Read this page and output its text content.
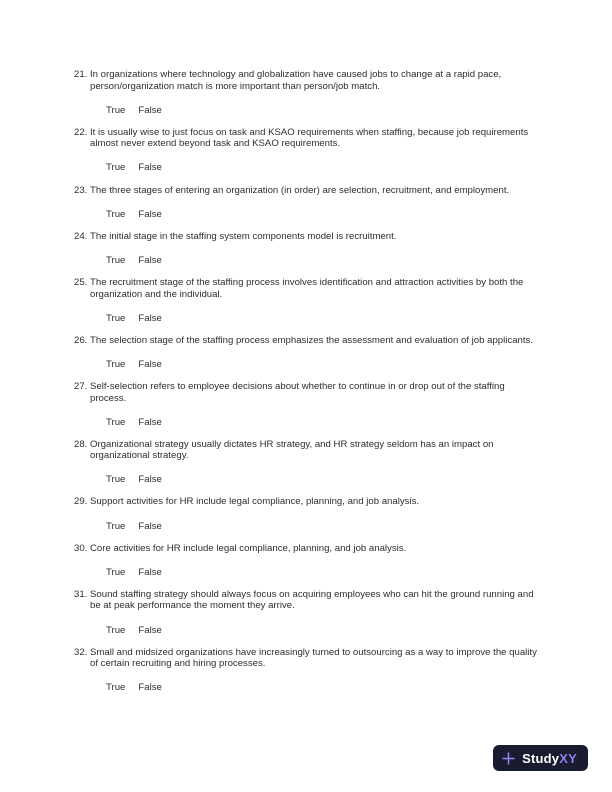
21. In organizations where technology and globalization have caused jobs to change at a rapid pace, person/organization match is more important than person/job match.

True False
22. It is usually wise to just focus on task and KSAO requirements when staffing, because job requirements almost never extend beyond task and KSAO requirements.

True False
23. The three stages of entering an organization (in order) are selection, recruitment, and employment.

True False
24. The initial stage in the staffing system components model is recruitment.

True False
25. The recruitment stage of the staffing process involves identification and attraction activities by both the organization and the individual.

True False
26. The selection stage of the staffing process emphasizes the assessment and evaluation of job applicants.

True False
27. Self-selection refers to employee decisions about whether to continue in or drop out of the staffing process.

True False
28. Organizational strategy usually dictates HR strategy, and HR strategy seldom has an impact on organizational strategy.

True False
29. Support activities for HR include legal compliance, planning, and job analysis.

True False
30. Core activities for HR include legal compliance, planning, and job analysis.

True False
31. Sound staffing strategy should always focus on acquiring employees who can hit the ground running and be at peak performance the moment they arrive.

True False
32. Small and midsized organizations have increasingly turned to outsourcing as a way to improve the quality of certain recruiting and hiring processes.

True False
StudyXY
